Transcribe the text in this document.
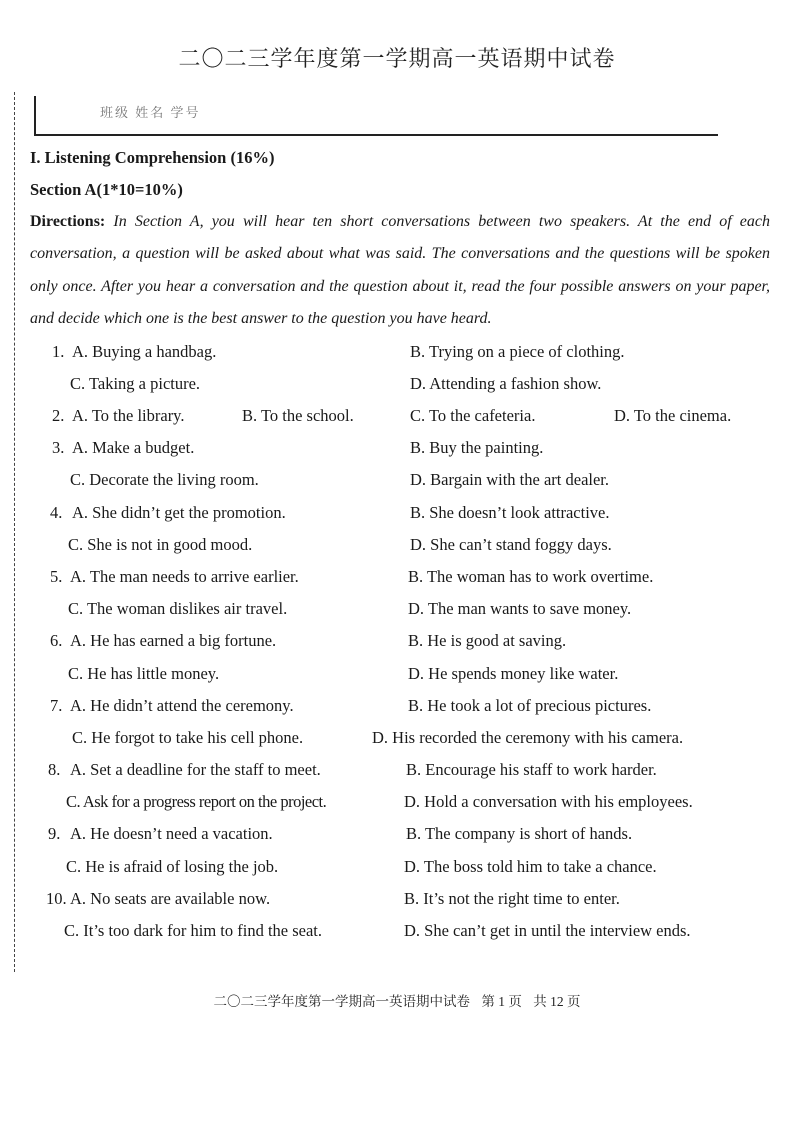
二〇二三学年度第一学期高一英语期中试卷
班级 姓名 学号
I. Listening Comprehension (16%)
Section A(1*10=10%)

Directions: In Section A, you will hear ten short conversations between two speakers. At the end of each conversation, a question will be asked about what was said. The conversations and the questions will be spoken only once. After you hear a conversation and the question about it, read the four possible answers on your paper, and decide which one is the best answer to the question you have heard.

1. A. Buying a handbag.	B. Trying on a piece of clothing.
C. Taking a picture.	D. Attending a fashion show.
2. A. To the library.	B. To the school.	C. To the cafeteria.	D. To the cinema.
3. A. Make a budget.	B. Buy the painting.
C. Decorate the living room.	D. Bargain with the art dealer.
4. A. She didn’t get the promotion.	B. She doesn’t look attractive.
C. She is not in good mood.	D. She can’t stand foggy days.
5. A. The man needs to arrive earlier.	B. The woman has to work overtime.
C. The woman dislikes air travel.	D. The man wants to save money.
6. A. He has earned a big fortune.	B. He is good at saving.
C. He has little money.	D. He spends money like water.
7. A. He didn’t attend the ceremony.	B. He took a lot of precious pictures.
C. He forgot to take his cell phone.	D. His recorded the ceremony with his camera.
8. A. Set a deadline for the staff to meet.	B. Encourage his staff to work harder.
C. Ask for a progress report on the project.	D. Hold a conversation with his employees.
9. A. He doesn’t need a vacation.	B. The company is short of hands.
C. He is afraid of losing the job.	D. The boss told him to take a chance.
10. A. No seats are available now.	B. It’s not the right time to enter.
C. It’s too dark for him to find the seat.	D. She can’t get in until the interview ends.
二〇二三学年度第一学期高一英语期中试卷 第 1 页 共 12 页
